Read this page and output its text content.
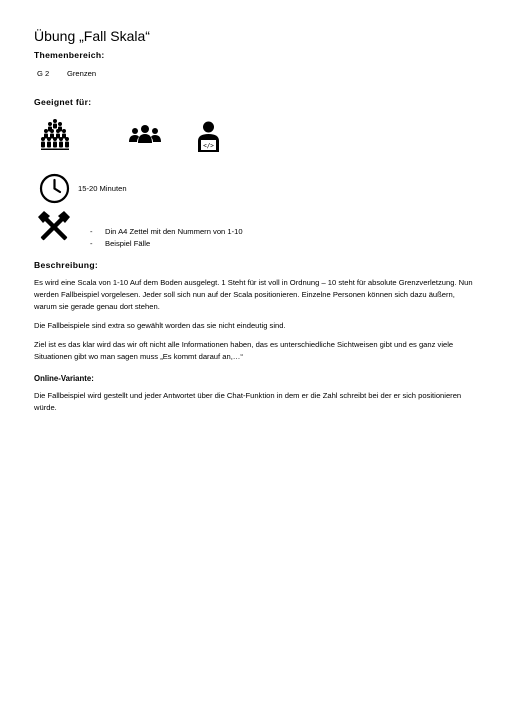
Übung „Fall Skala“
Themenbereich:
G 2 Grenzen
Geeignet für:
</>
15-20 Minuten
- Din A4 Zettel mit den Nummern von 1-10
- Beispiel Fälle
Beschreibung:
Es wird eine Scala von 1-10 Auf dem Boden ausgelegt. 1 Steht für ist voll in Ordnung – 10 steht für absolute Grenzverletzung. Nun werden Fallbeispiel vorgelesen. Jeder soll sich nun auf der Scala positionieren. Einzelne Personen können sich dazu äußern, warum sie gerade genau dort stehen.
Die Fallbeispiele sind extra so gewählt worden das sie nicht eindeutig sind.
Ziel ist es das klar wird das wir oft nicht alle Informationen haben, das es unterschiedliche Sichtweisen gibt und es ganz viele Situationen gibt wo man sagen muss „Es kommt darauf an,…“
Online-Variante:
Die Fallbeispiel wird gestellt und jeder Antwortet über die Chat-Funktion in dem er die Zahl schreibt bei der er sich positionieren würde.
